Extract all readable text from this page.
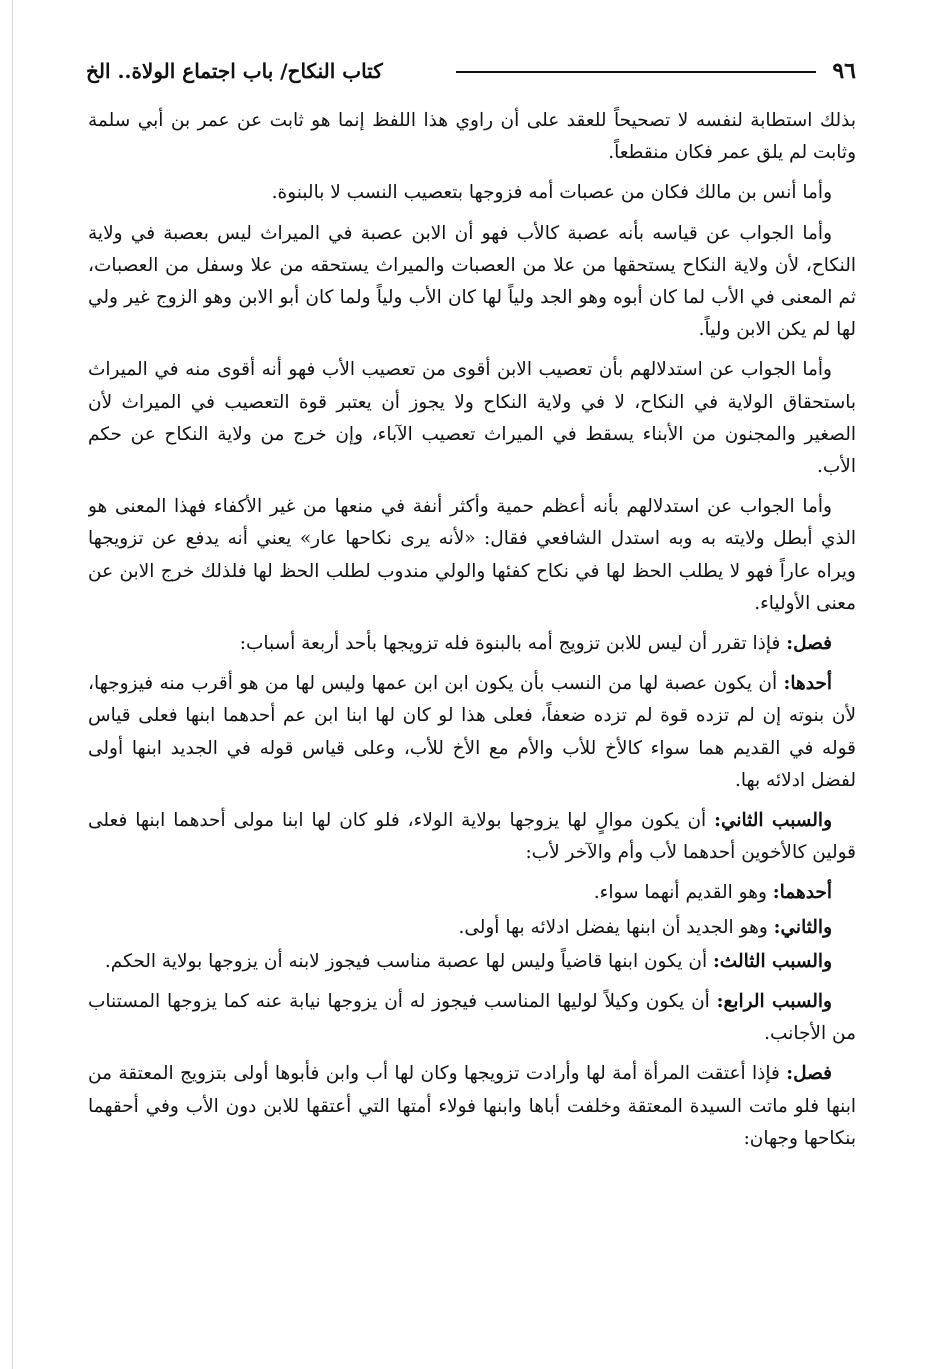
٩٦
كتاب النكاح/ باب اجتماع الولاة.. الخ

بذلك استطابة لنفسه لا تصحيحاً للعقد على أن راوي هذا اللفظ إنما هو ثابت عن عمر بن أبي سلمة وثابت لم يلق عمر فكان منقطعاً.

وأما أنس بن مالك فكان من عصبات أمه فزوجها بتعصيب النسب لا بالبنوة.

وأما الجواب عن قياسه بأنه عصبة كالأب فهو أن الابن عصبة في الميراث ليس بعصبة في ولاية النكاح، لأن ولاية النكاح يستحقها من علا من العصبات والميراث يستحقه من علا وسفل من العصبات، ثم المعنى في الأب لما كان أبوه وهو الجد ولياً لها كان الأب ولياً ولما كان أبو الابن وهو الزوج غير ولي لها لم يكن الابن ولياً.

وأما الجواب عن استدلالهم بأن تعصيب الابن أقوى من تعصيب الأب فهو أنه أقوى منه في الميراث باستحقاق الولاية في النكاح، لا في ولاية النكاح ولا يجوز أن يعتبر قوة التعصيب في الميراث لأن الصغير والمجنون من الأبناء يسقط في الميراث تعصيب الآباء، وإن خرج من ولاية النكاح عن حكم الأب.

وأما الجواب عن استدلالهم بأنه أعظم حمية وأكثر أنفة في منعها من غير الأكفاء فهذا المعنى هو الذي أبطل ولايته به وبه استدل الشافعي فقال: «لأنه يرى نكاحها عار» يعني أنه يدفع عن تزويجها ويراه عاراً فهو لا يطلب الحظ لها في نكاح كفئها والولي مندوب لطلب الحظ لها فلذلك خرج الابن عن معنى الأولياء.

فصل: فإذا تقرر أن ليس للابن تزويج أمه بالبنوة فله تزويجها بأحد أربعة أسباب:

أحدها: أن يكون عصبة لها من النسب بأن يكون ابن ابن عمها وليس لها من هو أقرب منه فيزوجها، لأن بنوته إن لم تزده قوة لم تزده ضعفاً، فعلى هذا لو كان لها ابنا ابن عم أحدهما ابنها فعلى قياس قوله في القديم هما سواء كالأخ للأب والأم مع الأخ للأب، وعلى قياس قوله في الجديد ابنها أولى لفضل ادلائه بها.

والسبب الثاني: أن يكون موالٍ لها يزوجها بولاية الولاء، فلو كان لها ابنا مولى أحدهما ابنها فعلى قولين كالأخوين أحدهما لأب وأم والآخر لأب:

أحدهما: وهو القديم أنهما سواء.

والثاني: وهو الجديد أن ابنها يفضل ادلائه بها أولى.

والسبب الثالث: أن يكون ابنها قاضياً وليس لها عصبة مناسب فيجوز لابنه أن يزوجها بولاية الحكم.

والسبب الرابع: أن يكون وكيلاً لوليها المناسب فيجوز له أن يزوجها نيابة عنه كما يزوجها المستناب من الأجانب.

فصل: فإذا أعتقت المرأة أمة لها وأرادت تزويجها وكان لها أب وابن فأبوها أولى بتزويج المعتقة من ابنها فلو ماتت السيدة المعتقة وخلفت أباها وابنها فولاء أمتها التي أعتقها للابن دون الأب وفي أحقهما بنكاحها وجهان:
